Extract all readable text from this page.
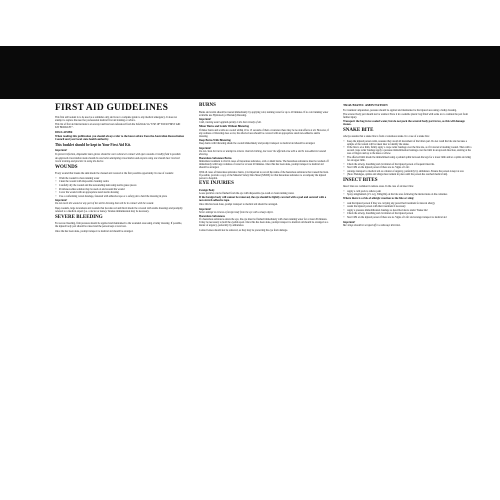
FIRST AID GUIDELINES

This first aid booklet is to be used as a reminder only and is not a complete guide to any medical emergency. It does not attempt to replace the need for professional medical first aid training or advice.

This list of first aid instructions is an excerpt and has been referenced from the SafeWork SA "USE OF YOUR FIRST AID KIT BOOKLET".

DISCLAIMER

When reading this publication you should always refer to the latest advice from the Australian Resuscitation Council and your local state health authority.

This booklet should be kept in Your First Aid Kit.
Important!

To prevent infection, disposable latex gloves should be worn whenever contact with open wounds or bodily fluid is possible.

An approved resuscitation mask should be used when attempting resuscitation and anyone using one should have received recent training and practice in using the device.

WOUNDS

Every wound that breaks the skin should be cleaned and covered at the first possible opportunity. In case of wounds:

• Wash the wound in clean running water
• Clean the wound with disposable cleaning swabs
• Carefully dry the wound and the surrounding skin using sterile gauze pieces
• Povidone-iodine solution may be used on and around the wound
• Cover the wound with an appropriate sized sterile dressing
• Use a conforming cotton bandage, fastened with adhesive tape or a safety pin to hold the dressing in place
Important!

Do not touch the wound or any part of the sterile dressing that will be in contact with the wound.

Deep wounds, large lacerations and wounds that become red and throb should be covered with sterile dressings and promptly referred to a medical expert (i.e. a doctor or nurse). Tetanus immunisation may be necessary.

SEVERE BLEEDING

For severe bleeding, firm pressure should be applied and maintained to the wounded area using a bulky dressing. If possible, the injured body part should be raised and the person kept at total rest.

Once the has been done, prompt transport to medical aid should be arranged.

BURNS

Burns and scalds should be treated immediately by applying cold, running water for up to 20 minutes. If no cold running water available use HydroGel (or Burnaid) Dressing.

Important!

Cold, running water applied quickly is the best remedy of all.

Minor Burns and Scalds Without Blistering

If minor burns and scalds are cooled within 10 to 15 seconds of their occurrence there may be no side effects at all. However, if any redness or blistering does occur, the affected area should be covered with an appropriate sized non-adhesive sterile dressing.

Deep Burns With Blistering

Deep burns with blistering should be cooled immediately and prompt transport to medical aid should be arranged.

Important!

Do not clean the burns or attempt to remove charred clothing, but cover the affected area with a sterile non-adherent wound dressing.

Hazardous Substance Burns

Immediate treatment is vital in cases of hazardous substance, acid or alkali burns. The hazardous substance must be washed off immediately with large volumes of water for at least 20 minutes. Once this has been done, prompt transport to medical aid should be arranged.

With all cases of hazardous substance burns, it is important to record the name of the hazardous substance that caused the burn. If possible, provide a copy of the Material Safety Data Sheet (MSDS) for that hazardous substance to accompany the injured person to hospital.

EYE INJURIES
Foreign Body

Loose particles can be flushed from the eye with disposable eye-wash or clean running water.

If the foreign body will cannot be removed, the eye should be lightly covered with a pad and secured with a non stretch adhesive tape.

Once this has been done, prompt transport to medical aid should be arranged.

Important!

Never attempt to remove a foreign body from the eye with a sharp object.

Hazardous Substances

If a hazardous substance enters the eye, the eye must be flushed immediately with clean running water for at least 20 minutes. It may be necessary to hold the eyelids apart. Once this has been done, prompt transport to medical aid should be arranged as a matter of urgency, preferably by ambulance.

Contact lenses should not be removed, as they may be protecting the eye from damage.

TRAUMATIC AMPUTATION

For traumatic amputation, pressure should be applied and maintained to the injured area using a bulky dressing.

The severed body part should not be washed. Place it in a sealable plastic bag filled with some ice to cushion the part from further injury.

Transport the bag in ice cooled water, but do not pack the severed body part in ice, as this will damage tissues.

SNAKE BITE

Always assume that a snake bite is from a venomous snake. In a case of a snake bite:

• Keep the injured person calm, reassure they avoid all movement of the bitten part. Do not wash the bite site because a sample of the venom will be taken later to identify the snake.
• If the bite is on a limb, firmly apply a crepe roller bandage over the bite site, as if it started a bleeding wound. Then with a second crepe roller bandage apply a pressure immobilisation bandage over the limb in an upward direction, starting at the toes or fingers and up to the knee or elbow.
• The affected limb should be immobilised using a padded splint between the legs for a lower limb and/or a splint and sling for an upper limb.
• Check the airway, breathing and circulation of the injured person at frequent intervals.
• Start CPR on the injured person if there are no 'Signs of Life'.
• Arrange transport to medical aid as a matter of urgency, preferably by ambulance. Ensure the person is kept at rest.
• (Note: Bandages, splints and slings must remain in place until the person has reached medical aid).
INSECT BITES

Insect bites are common in remote areas. In the case of an insect bite:

• Apply a cold pack to relieve pain
• Spray stingmatium (1% w/g, 50mg/ml) on the bite area following the instructions on the container.

Where there is a risk of allergic reaction to the bite or sting:

• Ask the injured person if they are carrying any prescribed treatment for known allergy
• Assist the injured person with their treatment if necessary
• Apply a pressure immobilisation bandage as described above under 'Snake bite'
• Check the airway, breathing and circulation of the injured person
• Start CPR on the injured person if there are no 'Signs of Life' and arrange transport to medical aid
Important!

Bee stings should be scraped off in a sideways direction.
